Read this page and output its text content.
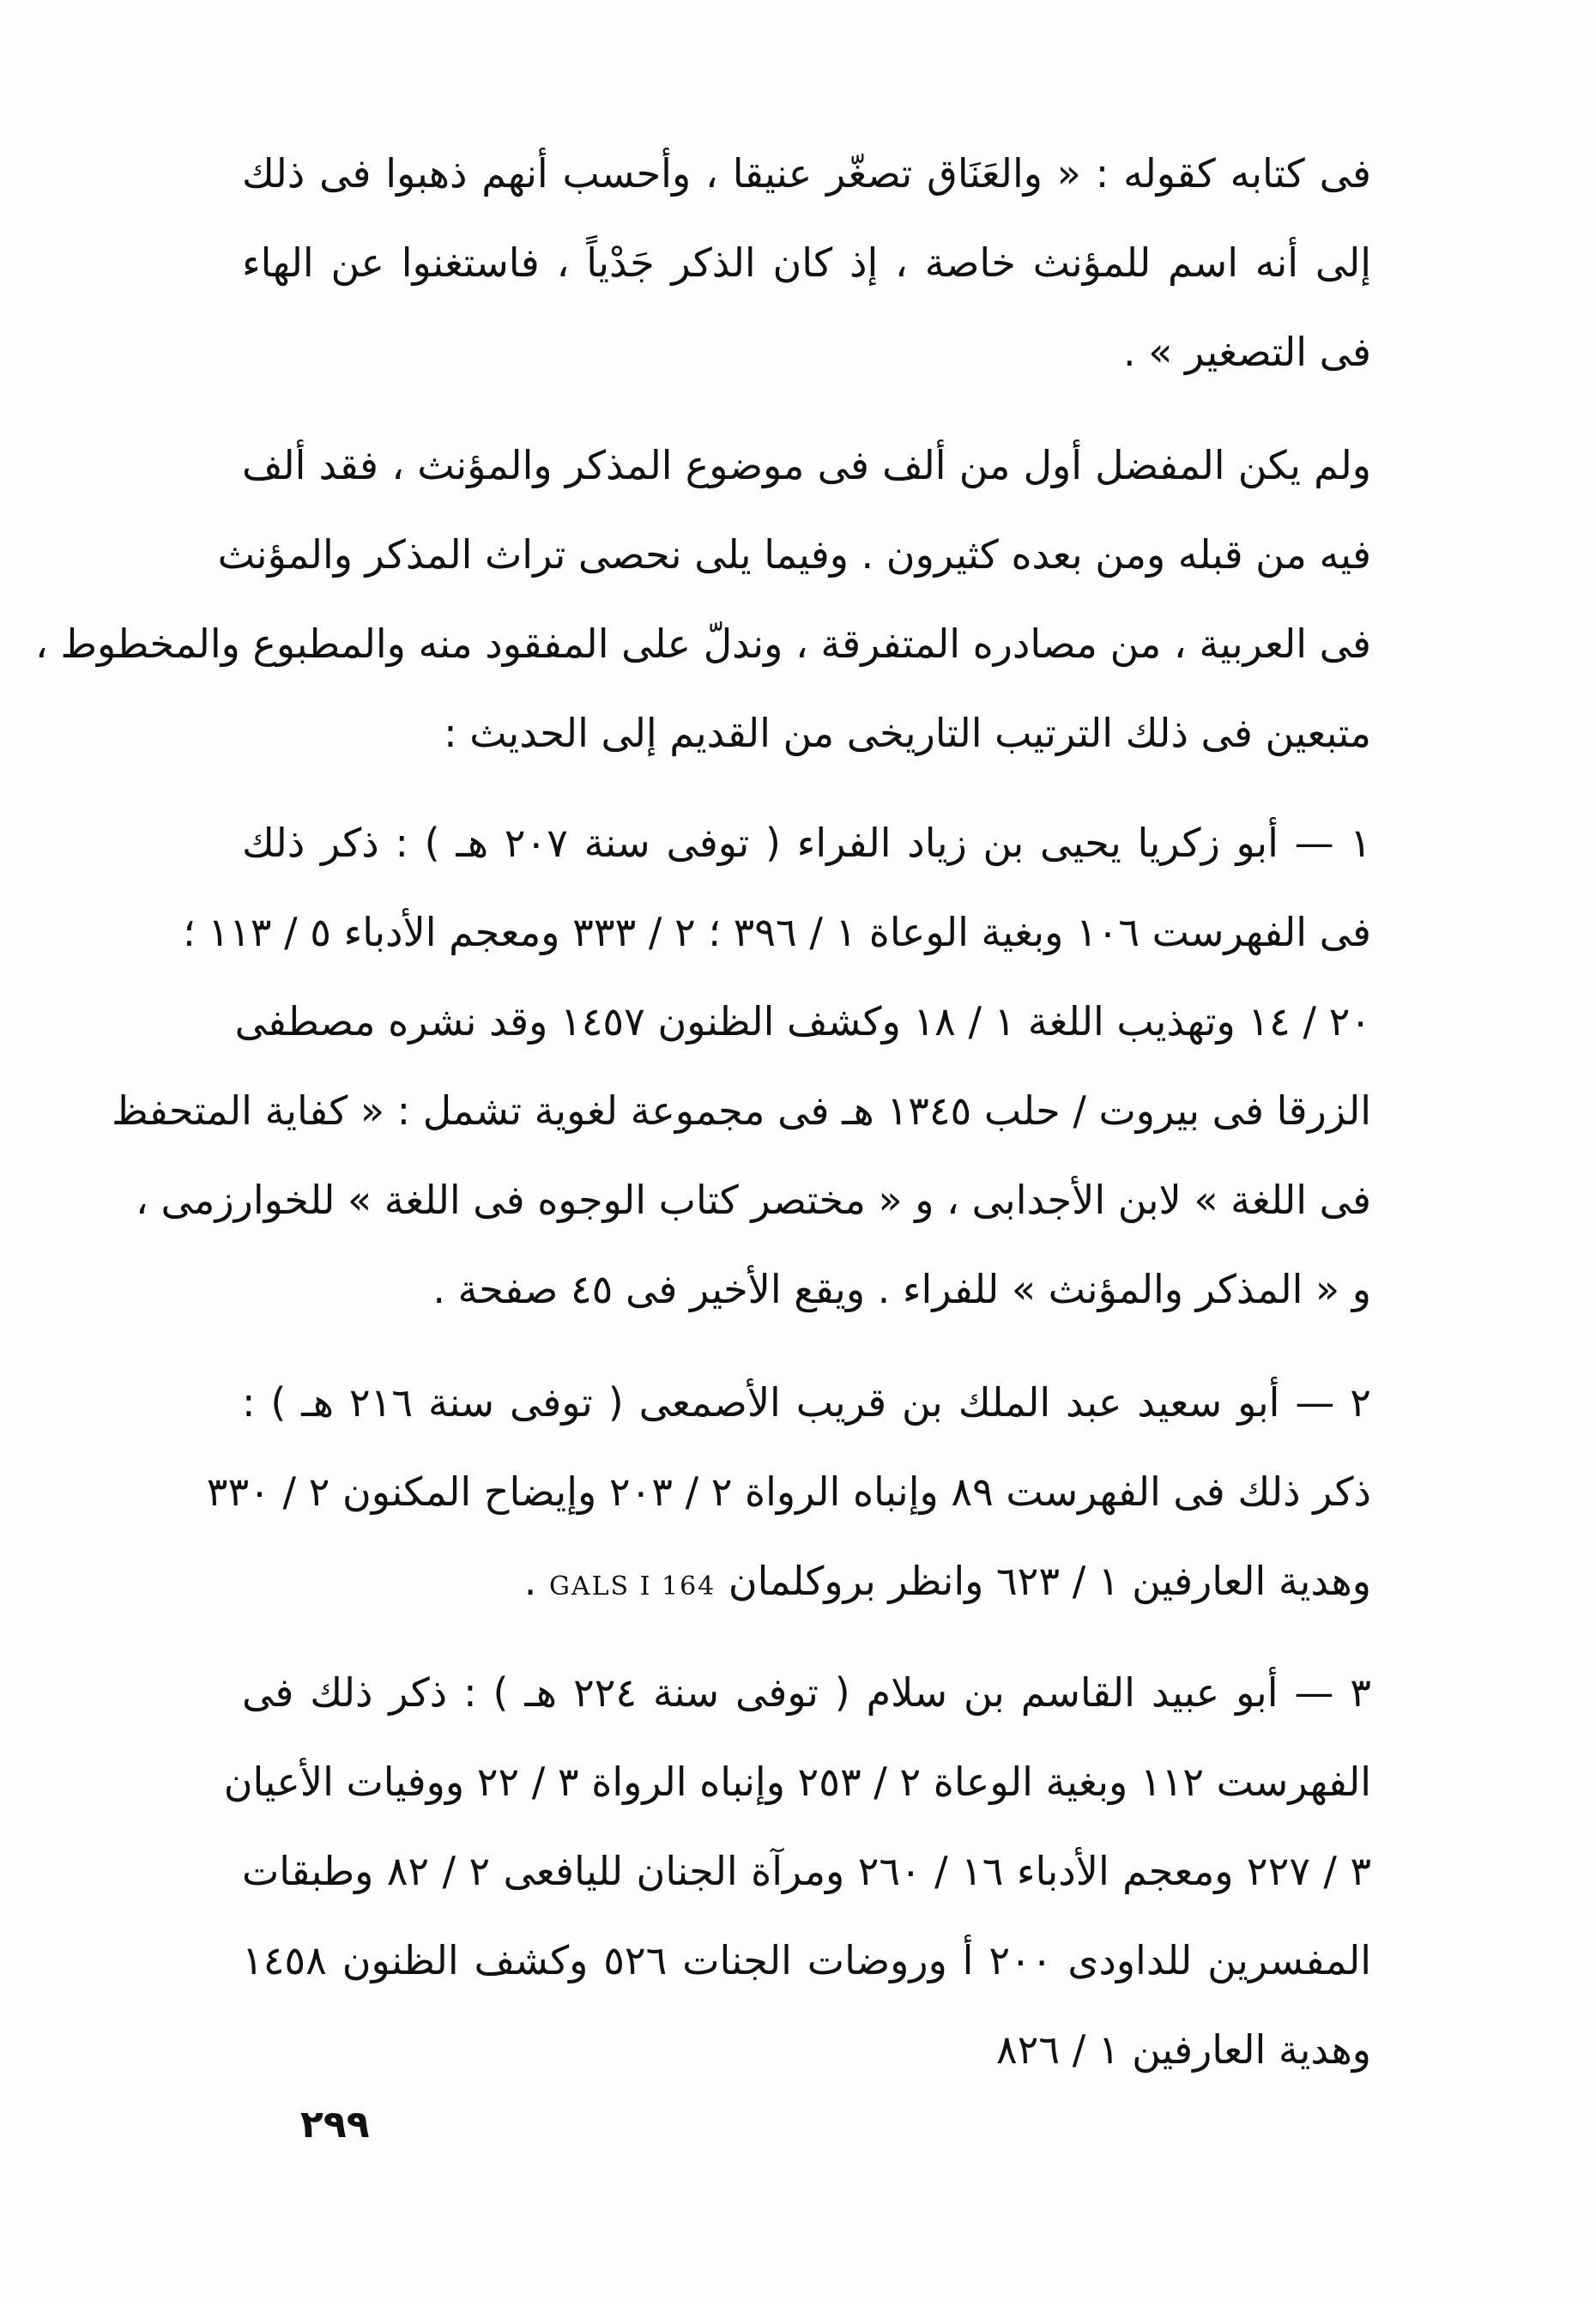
فى كتابه كقوله : « والعَنَاق تصغّر عنيقا ، وأحسب أنهم ذهبوا فى ذلك
إلى أنه اسم للمؤنث خاصة ، إذ كان الذكر جَدْياً ، فاستغنوا عن الهاء
فى التصغير » .
ولم يكن المفضل أول من ألف فى موضوع المذكر والمؤنث ، فقد ألف
فيه من قبله ومن بعده كثيرون . وفيما يلى نحصى تراث المذكر والمؤنث
فى العربية ، من مصادره المتفرقة ، وندلّ على المفقود منه والمطبوع والمخطوط ،
متبعين فى ذلك الترتيب التاريخى من القديم إلى الحديث :
١ — أبو زكريا يحيى بن زياد الفراء ( توفى سنة ٢٠٧ هـ ) : ذكر ذلك
فى الفهرست ١٠٦ وبغية الوعاة ١ / ٣٩٦ ؛ ٢ / ٣٣٣ ومعجم الأدباء ٥ / ١١٣ ؛
٢٠ / ١٤ وتهذيب اللغة ١ / ١٨ وكشف الظنون ١٤٥٧ وقد نشره مصطفى
الزرقا فى بيروت / حلب ١٣٤٥ هـ فى مجموعة لغوية تشمل : « كفاية المتحفظ
فى اللغة » لابن الأجدابى ، و « مختصر كتاب الوجوه فى اللغة » للخوارزمى ،
و « المذكر والمؤنث » للفراء . ويقع الأخير فى ٤٥ صفحة .
٢ — أبو سعيد عبد الملك بن قريب الأصمعى ( توفى سنة ٢١٦ هـ ) :
ذكر ذلك فى الفهرست ٨٩ وإنباه الرواة ٢ / ٢٠٣ وإيضاح المكنون ٢ / ٣٣٠
وهدية العارفين ١ / ٦٢٣ وانظر بروكلمان GALS I 164 .
٣ — أبو عبيد القاسم بن سلام ( توفى سنة ٢٢٤ هـ ) : ذكر ذلك فى
الفهرست ١١٢ وبغية الوعاة ٢ / ٢٥٣ وإنباه الرواة ٣ / ٢٢ ووفيات الأعيان
٣ / ٢٢٧ ومعجم الأدباء ١٦ / ٢٦٠ ومرآة الجنان لليافعى ٢ / ٨٢ وطبقات
المفسرين للداودى ٢٠٠ أ وروضات الجنات ٥٢٦ وكشف الظنون ١٤٥٨
وهدية العارفين ١ / ٨٢٦
٢٩٩
